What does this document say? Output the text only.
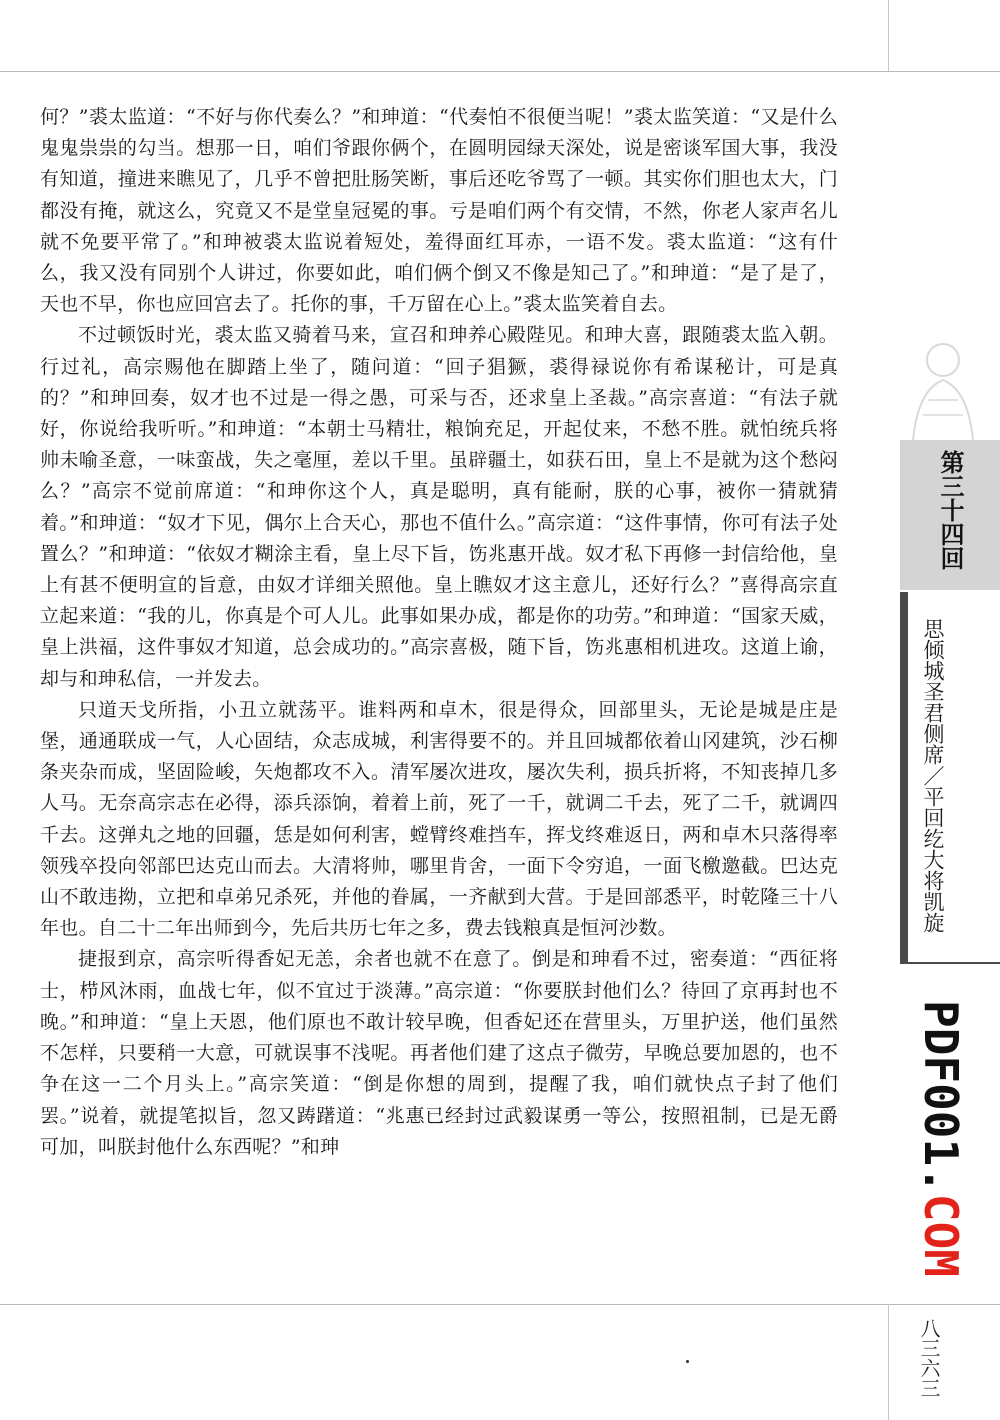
何？”裘太监道：“不好与你代奏么？”和珅道：“代奏怕不很便当呢！”裘太监笑道：“又是什么鬼鬼祟祟的勾当。想那一日，咱们爷跟你俩个，在圆明园绿天深处，说是密谈军国大事，我没有知道，撞进来瞧见了，几乎不曾把肚肠笑断，事后还吃爷骂了一顿。其实你们胆也太大，门都没有掩，就这么，究竟又不是堂皇冠冕的事。亏是咱们两个有交情，不然，你老人家声名儿就不免要平常了。”和珅被裘太监说着短处，羞得面红耳赤，一语不发。裘太监道：“这有什么，我又没有同别个人讲过，你要如此，咱们俩个倒又不像是知己了。”和珅道：“是了是了，天也不早，你也应回宫去了。托你的事，千万留在心上。”裘太监笑着自去。

不过顿饭时光，裘太监又骑着马来，宣召和珅养心殿陛见。和珅大喜，跟随裘太监入朝。行过礼，高宗赐他在脚踏上坐了，随问道：“回子猖獗，裘得禄说你有希谋秘计，可是真的？”和珅回奏，奴才也不过是一得之愚，可采与否，还求皇上圣裁。”高宗喜道：“有法子就好，你说给我听听。”和珅道：“本朝士马精壮，粮饷充足，开起仗来，不愁不胜。就怕统兵将帅未喻圣意，一味蛮战，失之毫厘，差以千里。虽辟疆土，如获石田，皇上不是就为这个愁闷么？”高宗不觉前席道：“和珅你这个人，真是聪明，真有能耐，朕的心事，被你一猜就猜着。”和珅道：“奴才下见，偶尔上合天心，那也不值什么。”高宗道：“这件事情，你可有法子处置么？”和珅道：“依奴才糊涂主看，皇上尽下旨，饬兆惠开战。奴才私下再修一封信给他，皇上有甚不便明宣的旨意，由奴才详细关照他。皇上瞧奴才这主意儿，还好行么？”喜得高宗直立起来道：“我的儿，你真是个可人儿。此事如果办成，都是你的功劳。”和珅道：“国家天威，皇上洪福，这件事奴才知道，总会成功的。”高宗喜极，随下旨，饬兆惠相机进攻。这道上谕，却与和珅私信，一并发去。

只道天戈所指，小丑立就荡平。谁料两和卓木，很是得众，回部里头，无论是城是庄是堡，通通联成一气，人心固结，众志成城，利害得要不的。并且回城都依着山冈建筑，沙石柳条夹杂而成，坚固险峻，矢炮都攻不入。清军屡次进攻，屡次失利，损兵折将，不知丧掉几多人马。无奈高宗志在必得，添兵添饷，着着上前，死了一千，就调二千去，死了二千，就调四千去。这弹丸之地的回疆，恁是如何利害，螳臂终难挡车，挥戈终难返日，两和卓木只落得率领残卒投向邻部巴达克山而去。大清将帅，哪里肯舍，一面下令穷追，一面飞檄邀截。巴达克山不敢违拗，立把和卓弟兄杀死，并他的眷属，一齐献到大营。于是回部悉平，时乾隆三十八年也。自二十二年出师到今，先后共历七年之多，费去钱粮真是恒河沙数。

捷报到京，高宗听得香妃无恙，余者也就不在意了。倒是和珅看不过，密奏道：“西征将士，栉风沐雨，血战七年，似不宜过于淡薄。”高宗道：“你要朕封他们么？待回了京再封也不晚。”和珅道：“皇上天恩，他们原也不敢计较早晚，但香妃还在营里头，万里护送，他们虽然不怎样，只要稍一大意，可就误事不浅呢。再者他们建了这点子微劳，早晚总要加恩的，也不争在这一二个月头上。”高宗笑道：“倒是你想的周到，提醒了我，咱们就快点子封了他们罢。”说着，就提笔拟旨，忽又踌躇道：“兆惠已经封过武毅谋勇一等公，按照祖制，已是无爵可加，叫朕封他什么东西呢？”和珅

第三十四回
思倾城圣君侧席／平回纥大将凯旋
PDF001.COM
八三六三
